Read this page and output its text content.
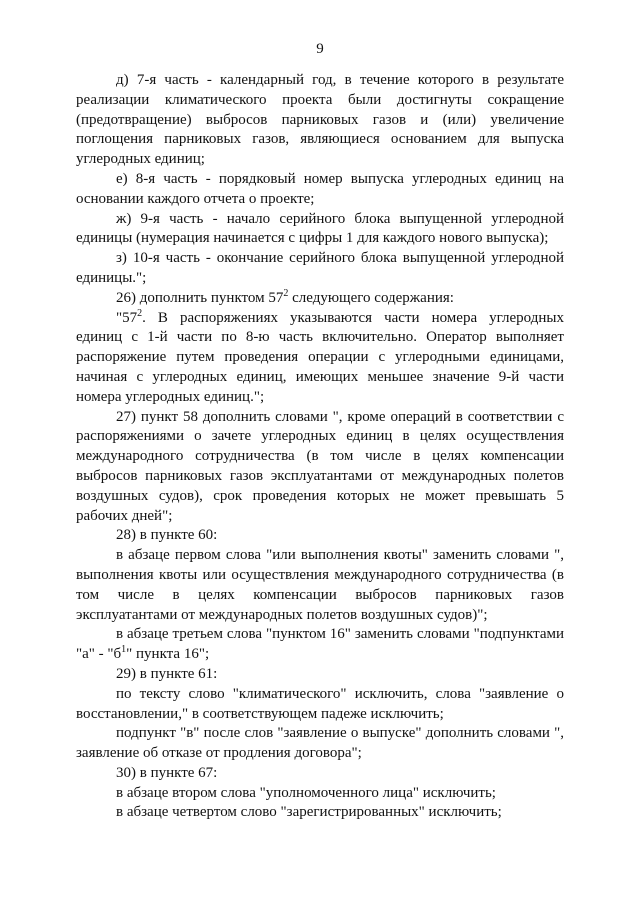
9

д) 7-я часть - календарный год, в течение которого в результате реализации климатического проекта были достигнуты сокращение (предотвращение) выбросов парниковых газов и (или) увеличение поглощения парниковых газов, являющиеся основанием для выпуска углеродных единиц;

е) 8-я часть - порядковый номер выпуска углеродных единиц на основании каждого отчета о проекте;

ж) 9-я часть - начало серийного блока выпущенной углеродной единицы (нумерация начинается с цифры 1 для каждого нового выпуска);

з) 10-я часть - окончание серийного блока выпущенной углеродной единицы.";

26) дополнить пунктом $57^2$ следующего содержания:

"$57^2$. В распоряжениях указываются части номера углеродных единиц с 1-й части по 8-ю часть включительно. Оператор выполняет распоряжение путем проведения операции с углеродными единицами, начиная с углеродных единиц, имеющих меньшее значение 9-й части номера углеродных единиц.";

27) пункт 58 дополнить словами ", кроме операций в соответствии с распоряжениями о зачете углеродных единиц в целях осуществления международного сотрудничества (в том числе в целях компенсации выбросов парниковых газов эксплуатантами от международных полетов воздушных судов), срок проведения которых не может превышать 5 рабочих дней";

28) в пункте 60:

в абзаце первом слова "или выполнения квоты" заменить словами ", выполнения квоты или осуществления международного сотрудничества (в том числе в целях компенсации выбросов парниковых газов эксплуатантами от международных полетов воздушных судов)";

в абзаце третьем слова "пунктом 16" заменить словами "подпунктами "а" - "$б^1$" пункта 16";

29) в пункте 61:

по тексту слово "климатического" исключить, слова "заявление о восстановлении," в соответствующем падеже исключить;

подпункт "в" после слов "заявление о выпуске" дополнить словами ", заявление об отказе от продления договора";

30) в пункте 67:

в абзаце втором слова "уполномоченного лица" исключить;

в абзаце четвертом слово "зарегистрированных" исключить;
